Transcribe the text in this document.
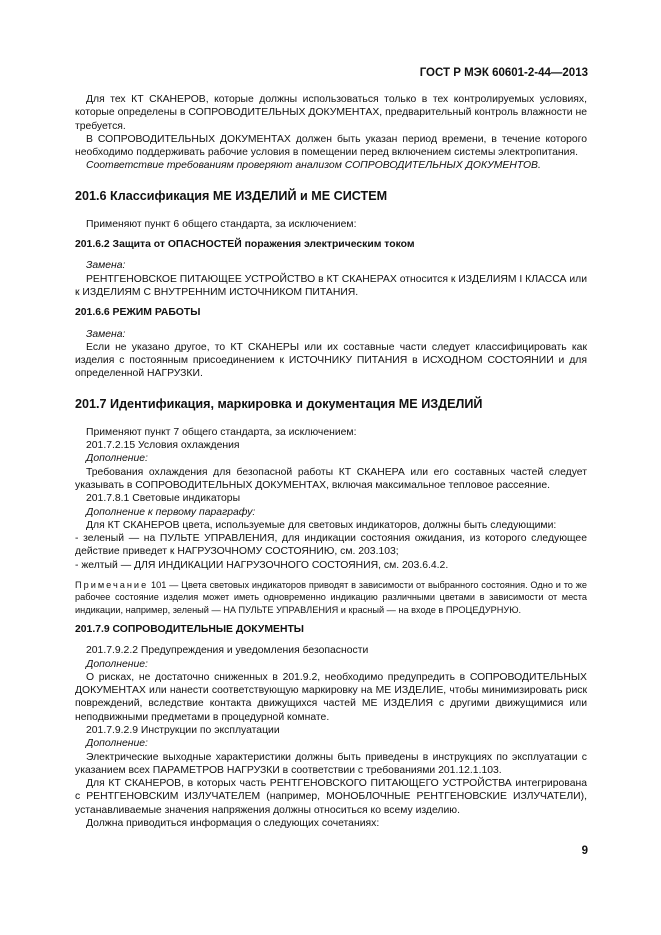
ГОСТ Р МЭК 60601-2-44—2013

Для тех КТ СКАНЕРОВ, которые должны использоваться только в тех контролируемых условиях, которые определены в СОПРОВОДИТЕЛЬНЫХ ДОКУМЕНТАХ, предварительный контроль влажности не требуется.

В СОПРОВОДИТЕЛЬНЫХ ДОКУМЕНТАХ должен быть указан период времени, в течение которого необходимо поддерживать рабочие условия в помещении перед включением системы электропитания.

Соответствие требованиям проверяют анализом СОПРОВОДИТЕЛЬНЫХ ДОКУМЕНТОВ.

201.6 Классификация МЕ ИЗДЕЛИЙ и МЕ СИСТЕМ

Применяют пункт 6 общего стандарта, за исключением:

201.6.2 Защита от ОПАСНОСТЕЙ поражения электрическим током

Замена:

РЕНТГЕНОВСКОЕ ПИТАЮЩЕЕ УСТРОЙСТВО в КТ СКАНЕРАХ относится к ИЗДЕЛИЯМ I КЛАССА или к ИЗДЕЛИЯМ С ВНУТРЕННИМ ИСТОЧНИКОМ ПИТАНИЯ.

201.6.6 РЕЖИМ РАБОТЫ

Замена:

Если не указано другое, то КТ СКАНЕРЫ или их составные части следует классифицировать как изделия с постоянным присоединением к ИСТОЧНИКУ ПИТАНИЯ в ИСХОДНОМ СОСТОЯНИИ и для определенной НАГРУЗКИ.

201.7 Идентификация, маркировка и документация МЕ ИЗДЕЛИЙ

Применяют пункт 7 общего стандарта, за исключением:

201.7.2.15 Условия охлаждения

Дополнение:

Требования охлаждения для безопасной работы КТ СКАНЕРА или его составных частей следует указывать в СОПРОВОДИТЕЛЬНЫХ ДОКУМЕНТАХ, включая максимальное тепловое рассеяние.

201.7.8.1 Световые индикаторы

Дополнение к первому параграфу:

Для КТ СКАНЕРОВ цвета, используемые для световых индикаторов, должны быть следующими:

- зеленый — на ПУЛЬТЕ УПРАВЛЕНИЯ, для индикации состояния ожидания, из которого следующее действие приведет к НАГРУЗОЧНОМУ СОСТОЯНИЮ, см. 203.103;

- желтый — ДЛЯ ИНДИКАЦИИ НАГРУЗОЧНОГО СОСТОЯНИЯ, см. 203.6.4.2.

Примечание 101 — Цвета световых индикаторов приводят в зависимости от выбранного состояния. Одно и то же рабочее состояние изделия может иметь одновременно индикацию различными цветами в зависимости от места индикации, например, зеленый — НА ПУЛЬТЕ УПРАВЛЕНИЯ и красный — на входе в ПРОЦЕДУРНУЮ.

201.7.9 СОПРОВОДИТЕЛЬНЫЕ ДОКУМЕНТЫ

201.7.9.2.2 Предупреждения и уведомления безопасности

Дополнение:

О рисках, не достаточно сниженных в 201.9.2, необходимо предупредить в СОПРОВОДИТЕЛЬНЫХ ДОКУМЕНТАХ или нанести соответствующую маркировку на МЕ ИЗДЕЛИЕ, чтобы минимизировать риск повреждений, вследствие контакта движущихся частей МЕ ИЗДЕЛИЯ с другими движущимися или неподвижными предметами в процедурной комнате.

201.7.9.2.9 Инструкции по эксплуатации

Дополнение:

Электрические выходные характеристики должны быть приведены в инструкциях по эксплуатации с указанием всех ПАРАМЕТРОВ НАГРУЗКИ в соответствии с требованиями 201.12.1.103.

Для КТ СКАНЕРОВ, в которых часть РЕНТГЕНОВСКОГО ПИТАЮЩЕГО УСТРОЙСТВА интегрирована с РЕНТГЕНОВСКИМ ИЗЛУЧАТЕЛЕМ (например, МОНОБЛОЧНЫЕ РЕНТГЕНОВСКИЕ ИЗЛУЧАТЕЛИ), устанавливаемые значения напряжения должны относиться ко всему изделию.

Должна приводиться информация о следующих сочетаниях:

9
